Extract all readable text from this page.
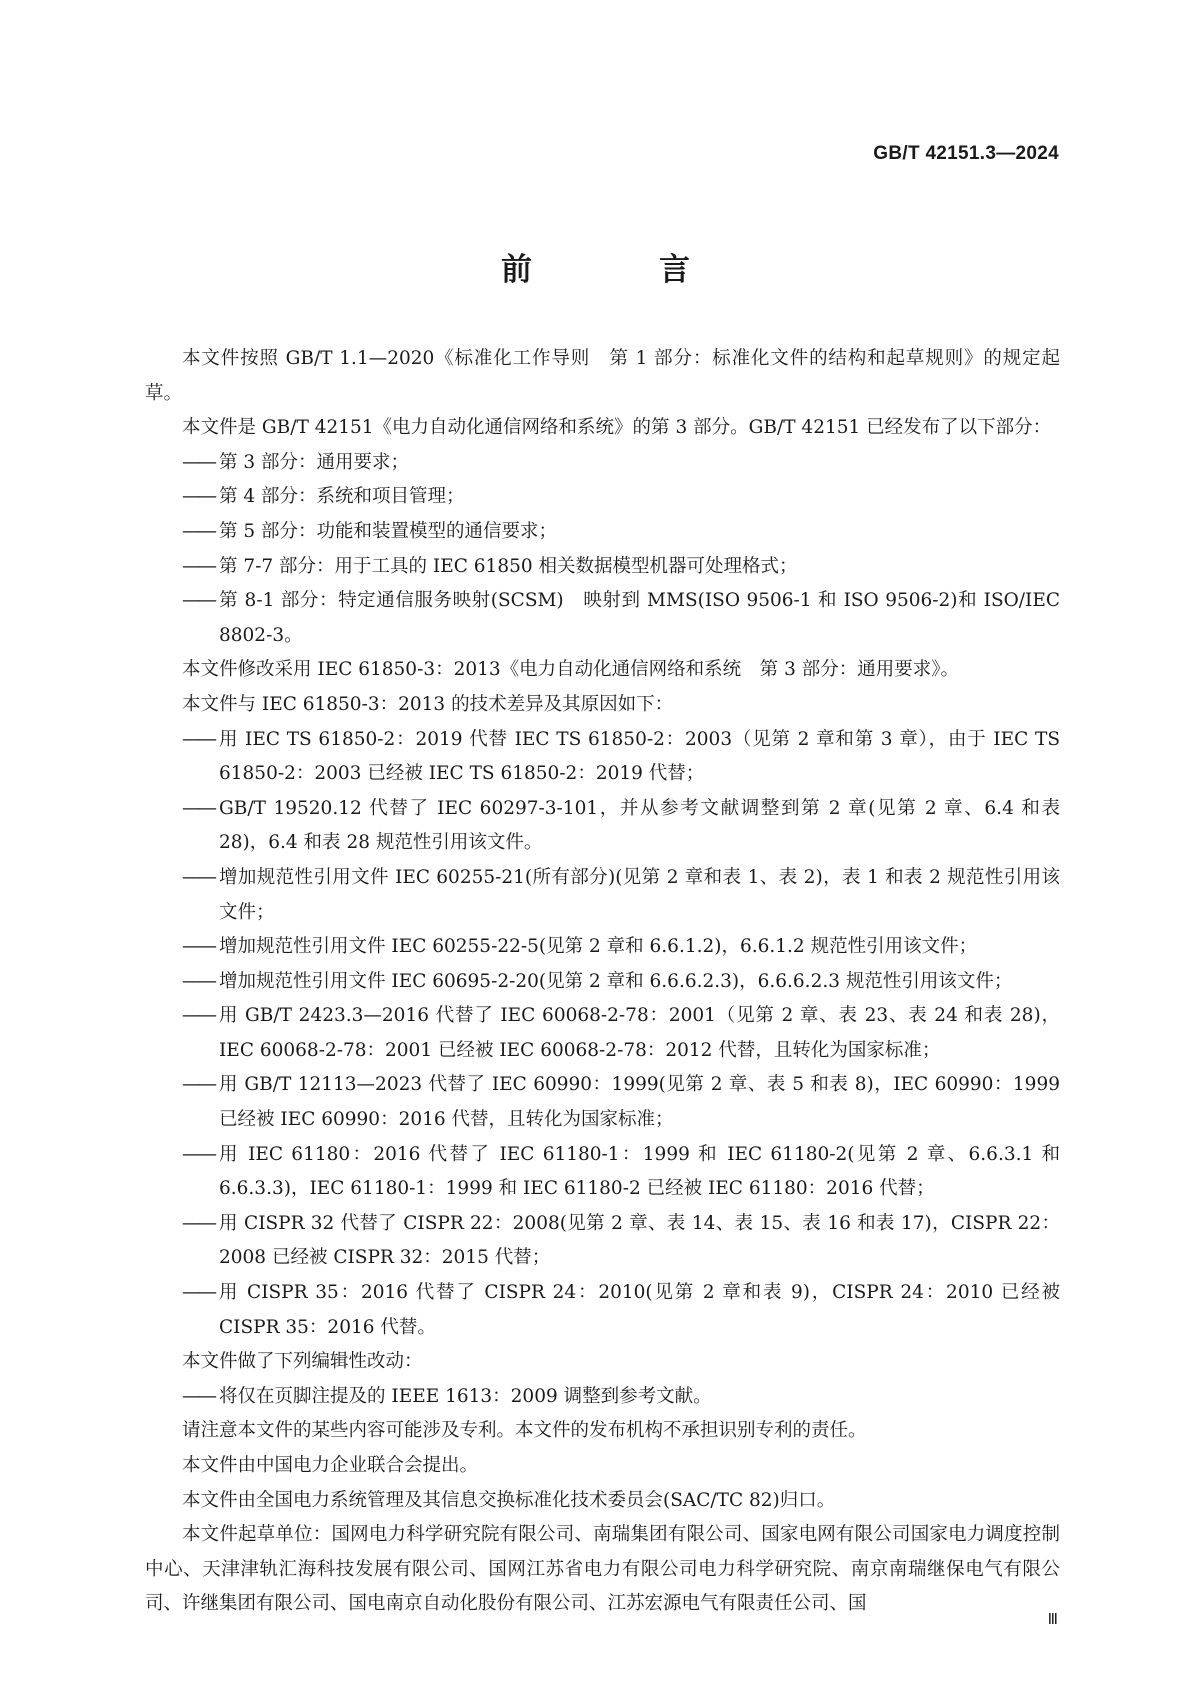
GB/T 42151.3—2024
前　言

本文件按照 GB/T 1.1—2020《标准化工作导则　第 1 部分：标准化文件的结构和起草规则》的规定起草。

本文件是 GB/T 42151《电力自动化通信网络和系统》的第 3 部分。GB/T 42151 已经发布了以下部分：

—— 第 3 部分：通用要求；

—— 第 4 部分：系统和项目管理；

—— 第 5 部分：功能和装置模型的通信要求；

—— 第 7-7 部分：用于工具的 IEC 61850 相关数据模型机器可处理格式；

—— 第 8-1 部分：特定通信服务映射(SCSM)　映射到 MMS(ISO 9506-1 和 ISO 9506-2)和 ISO/IEC 8802-3。

本文件修改采用 IEC 61850-3：2013《电力自动化通信网络和系统　第 3 部分：通用要求》。

本文件与 IEC 61850-3：2013 的技术差异及其原因如下：

—— 用 IEC TS 61850-2：2019 代替 IEC TS 61850-2：2003（见第 2 章和第 3 章），由于 IEC TS 61850-2：2003 已经被 IEC TS 61850-2：2019 代替；

—— GB/T 19520.12 代替了 IEC 60297-3-101，并从参考文献调整到第 2 章(见第 2 章、6.4 和表 28)，6.4 和表 28 规范性引用该文件。

—— 增加规范性引用文件 IEC 60255-21(所有部分)(见第 2 章和表 1、表 2)，表 1 和表 2 规范性引用该文件；

—— 增加规范性引用文件 IEC 60255-22-5(见第 2 章和 6.6.1.2)，6.6.1.2 规范性引用该文件；

—— 增加规范性引用文件 IEC 60695-2-20(见第 2 章和 6.6.6.2.3)，6.6.6.2.3 规范性引用该文件；

—— 用 GB/T 2423.3—2016 代替了 IEC 60068-2-78：2001（见第 2 章、表 23、表 24 和表 28)，IEC 60068-2-78：2001 已经被 IEC 60068-2-78：2012 代替，且转化为国家标准；

—— 用 GB/T 12113—2023 代替了 IEC 60990：1999(见第 2 章、表 5 和表 8)，IEC 60990：1999 已经被 IEC 60990：2016 代替，且转化为国家标准；

—— 用 IEC 61180：2016 代替了 IEC 61180-1：1999 和 IEC 61180-2(见第 2 章、6.6.3.1 和 6.6.3.3)，IEC 61180-1：1999 和 IEC 61180-2 已经被 IEC 61180：2016 代替；

—— 用 CISPR 32 代替了 CISPR 22：2008(见第 2 章、表 14、表 15、表 16 和表 17)，CISPR 22：2008 已经被 CISPR 32：2015 代替；

—— 用 CISPR 35：2016 代替了 CISPR 24：2010(见第 2 章和表 9)，CISPR 24：2010 已经被 CISPR 35：2016 代替。

本文件做了下列编辑性改动：

—— 将仅在页脚注提及的 IEEE 1613：2009 调整到参考文献。

请注意本文件的某些内容可能涉及专利。本文件的发布机构不承担识别专利的责任。

本文件由中国电力企业联合会提出。

本文件由全国电力系统管理及其信息交换标准化技术委员会(SAC/TC 82)归口。

本文件起草单位：国网电力科学研究院有限公司、南瑞集团有限公司、国家电网有限公司国家电力调度控制中心、天津津轨汇海科技发展有限公司、国网江苏省电力有限公司电力科学研究院、南京南瑞继保电气有限公司、许继集团有限公司、国电南京自动化股份有限公司、江苏宏源电气有限责任公司、国

Ⅲ
